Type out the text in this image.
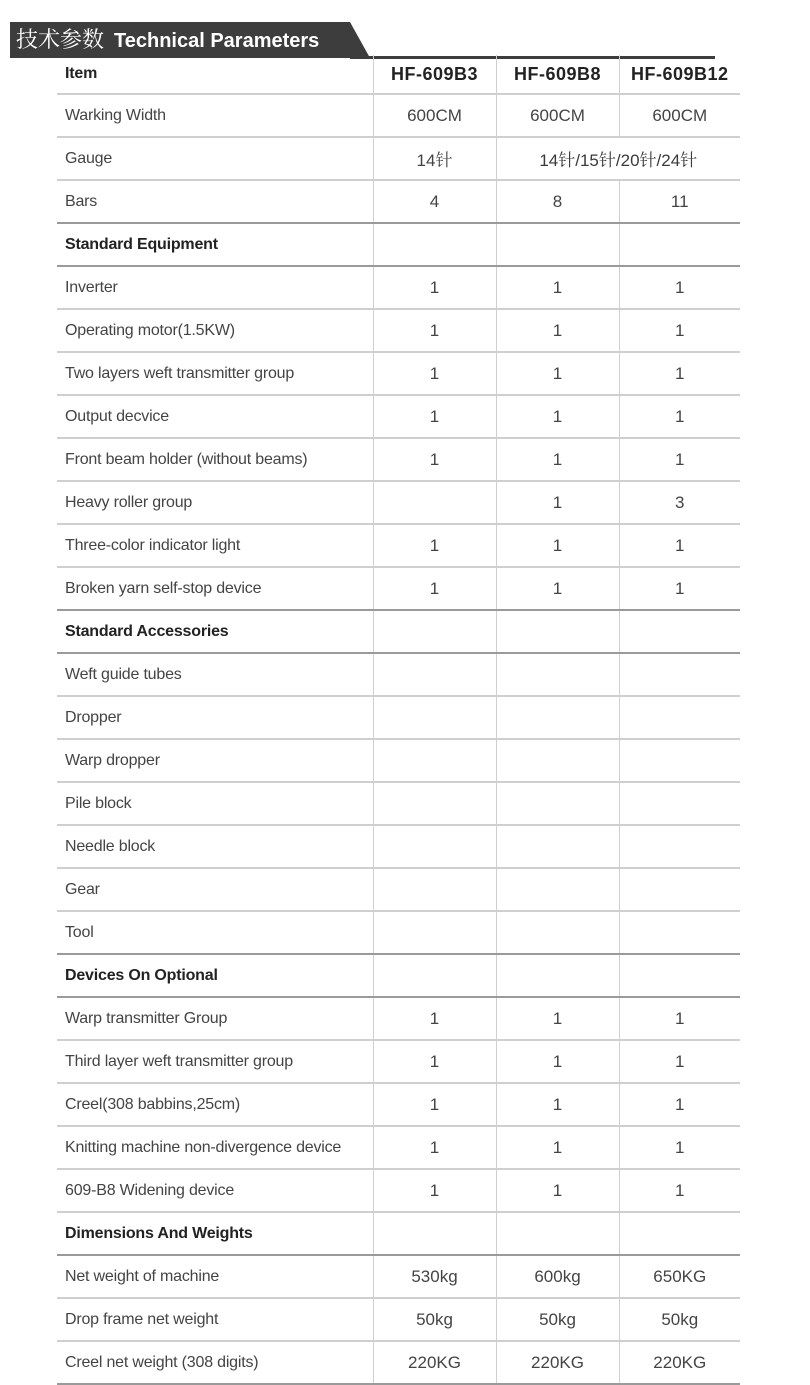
技术参数 Technical Parameters
Item	HF-609B3	HF-609B8	HF-609B12
Warking Width	600CM	600CM	600CM
Gauge	14针	14针/15针/20针/24针	
Bars	4	8	11
Standard Equipment			
Inverter	1	1	1
Operating motor(1.5KW)	1	1	1
Two layers weft transmitter group	1	1	1
Output decvice	1	1	1
Front beam holder (without beams)	1	1	1
Heavy roller group		1	3
Three-color indicator light	1	1	1
Broken yarn self-stop device	1	1	1
Standard Accessories			
Weft guide tubes			
Dropper			
Warp dropper			
Pile block			
Needle block			
Gear			
Tool			
Devices On Optional			
Warp transmitter Group	1	1	1
Third layer weft transmitter group	1	1	1
Creel(308 babbins,25cm)	1	1	1
Knitting machine non-divergence device	1	1	1
609-B8 Widening device	1	1	1
Dimensions And Weights			
Net weight of machine	530kg	600kg	650KG
Drop frame net weight	50kg	50kg	50kg
Creel net weight (308 digits)	220KG	220KG	220KG
